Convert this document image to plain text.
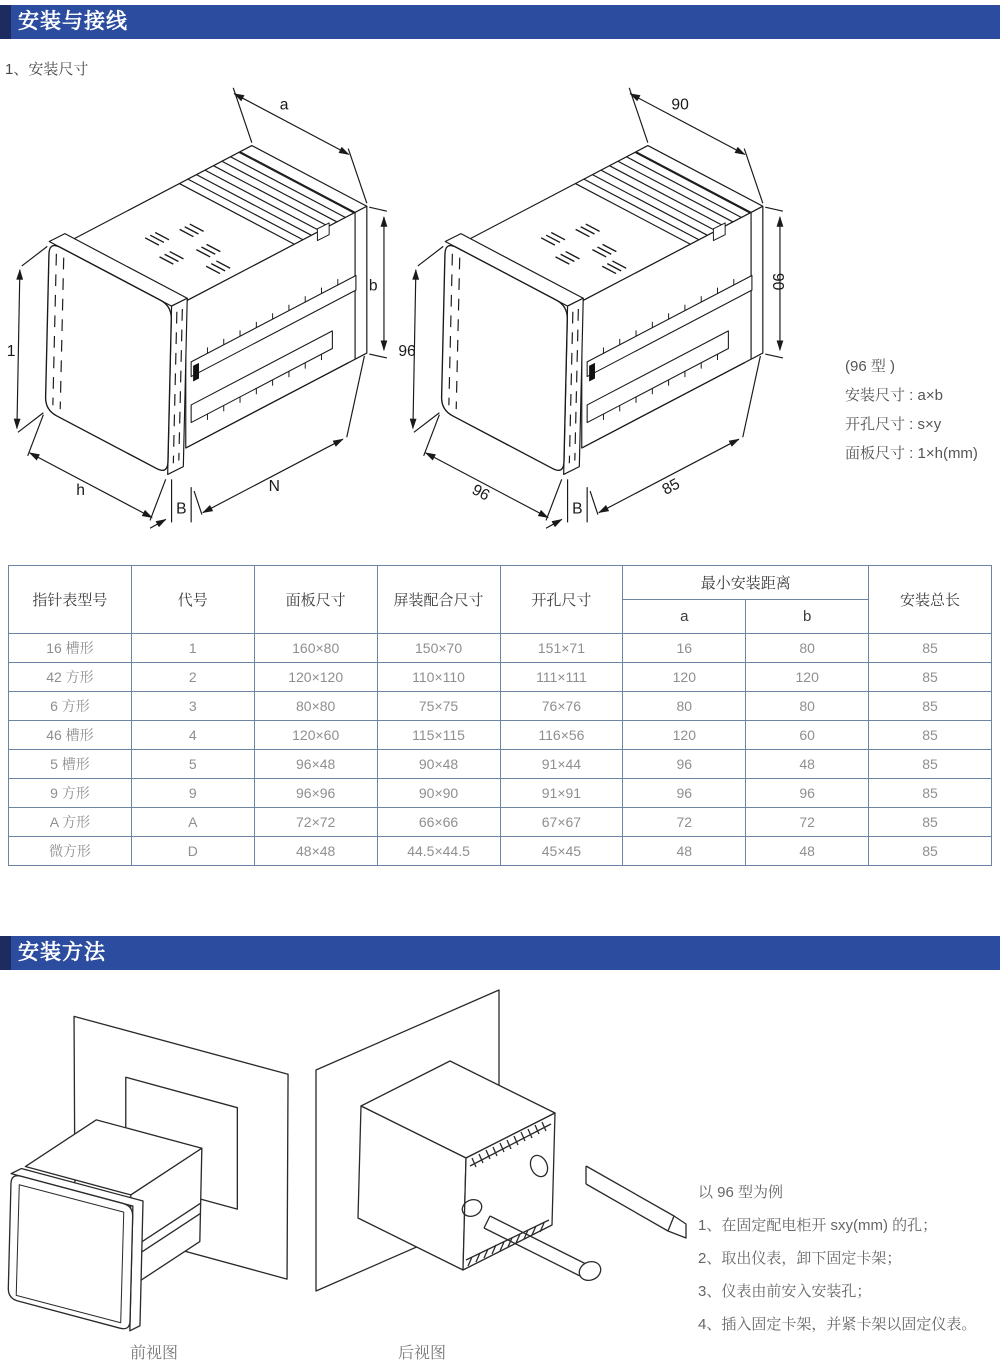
安装与接线
1、安装尺寸
B
a
b
1
h	N
B
90
90
96
96	85
(96 型 )
安装尺寸 : a×b
开孔尺寸 : s×y
面板尺寸 : 1×h(mm)
指针表型号	代号	面板尺寸	屏装配合尺寸	开孔尺寸	最小安装距离		安装总长
					a	b	
16 槽形	1	160×80	150×70	151×71	16	80	85
42 方形	2	120×120	110×110	111×111	120	120	85
6 方形	3	80×80	75×75	76×76	80	80	85
46 槽形	4	120×60	115×115	116×56	120	60	85
5 槽形	5	96×48	90×48	91×44	96	48	85
9 方形	9	96×96	90×90	91×91	96	96	85
A 方形	A	72×72	66×66	67×67	72	72	85
微方形	D	48×48	44.5×44.5	45×45	48	48	85
安装方法
前视图	后视图
以 96 型为例
1、在固定配电柜开 sxy(mm) 的孔；
2、取出仪表，卸下固定卡架；
3、仪表由前安入安装孔；
4、插入固定卡架，并紧卡架以固定仪表。
